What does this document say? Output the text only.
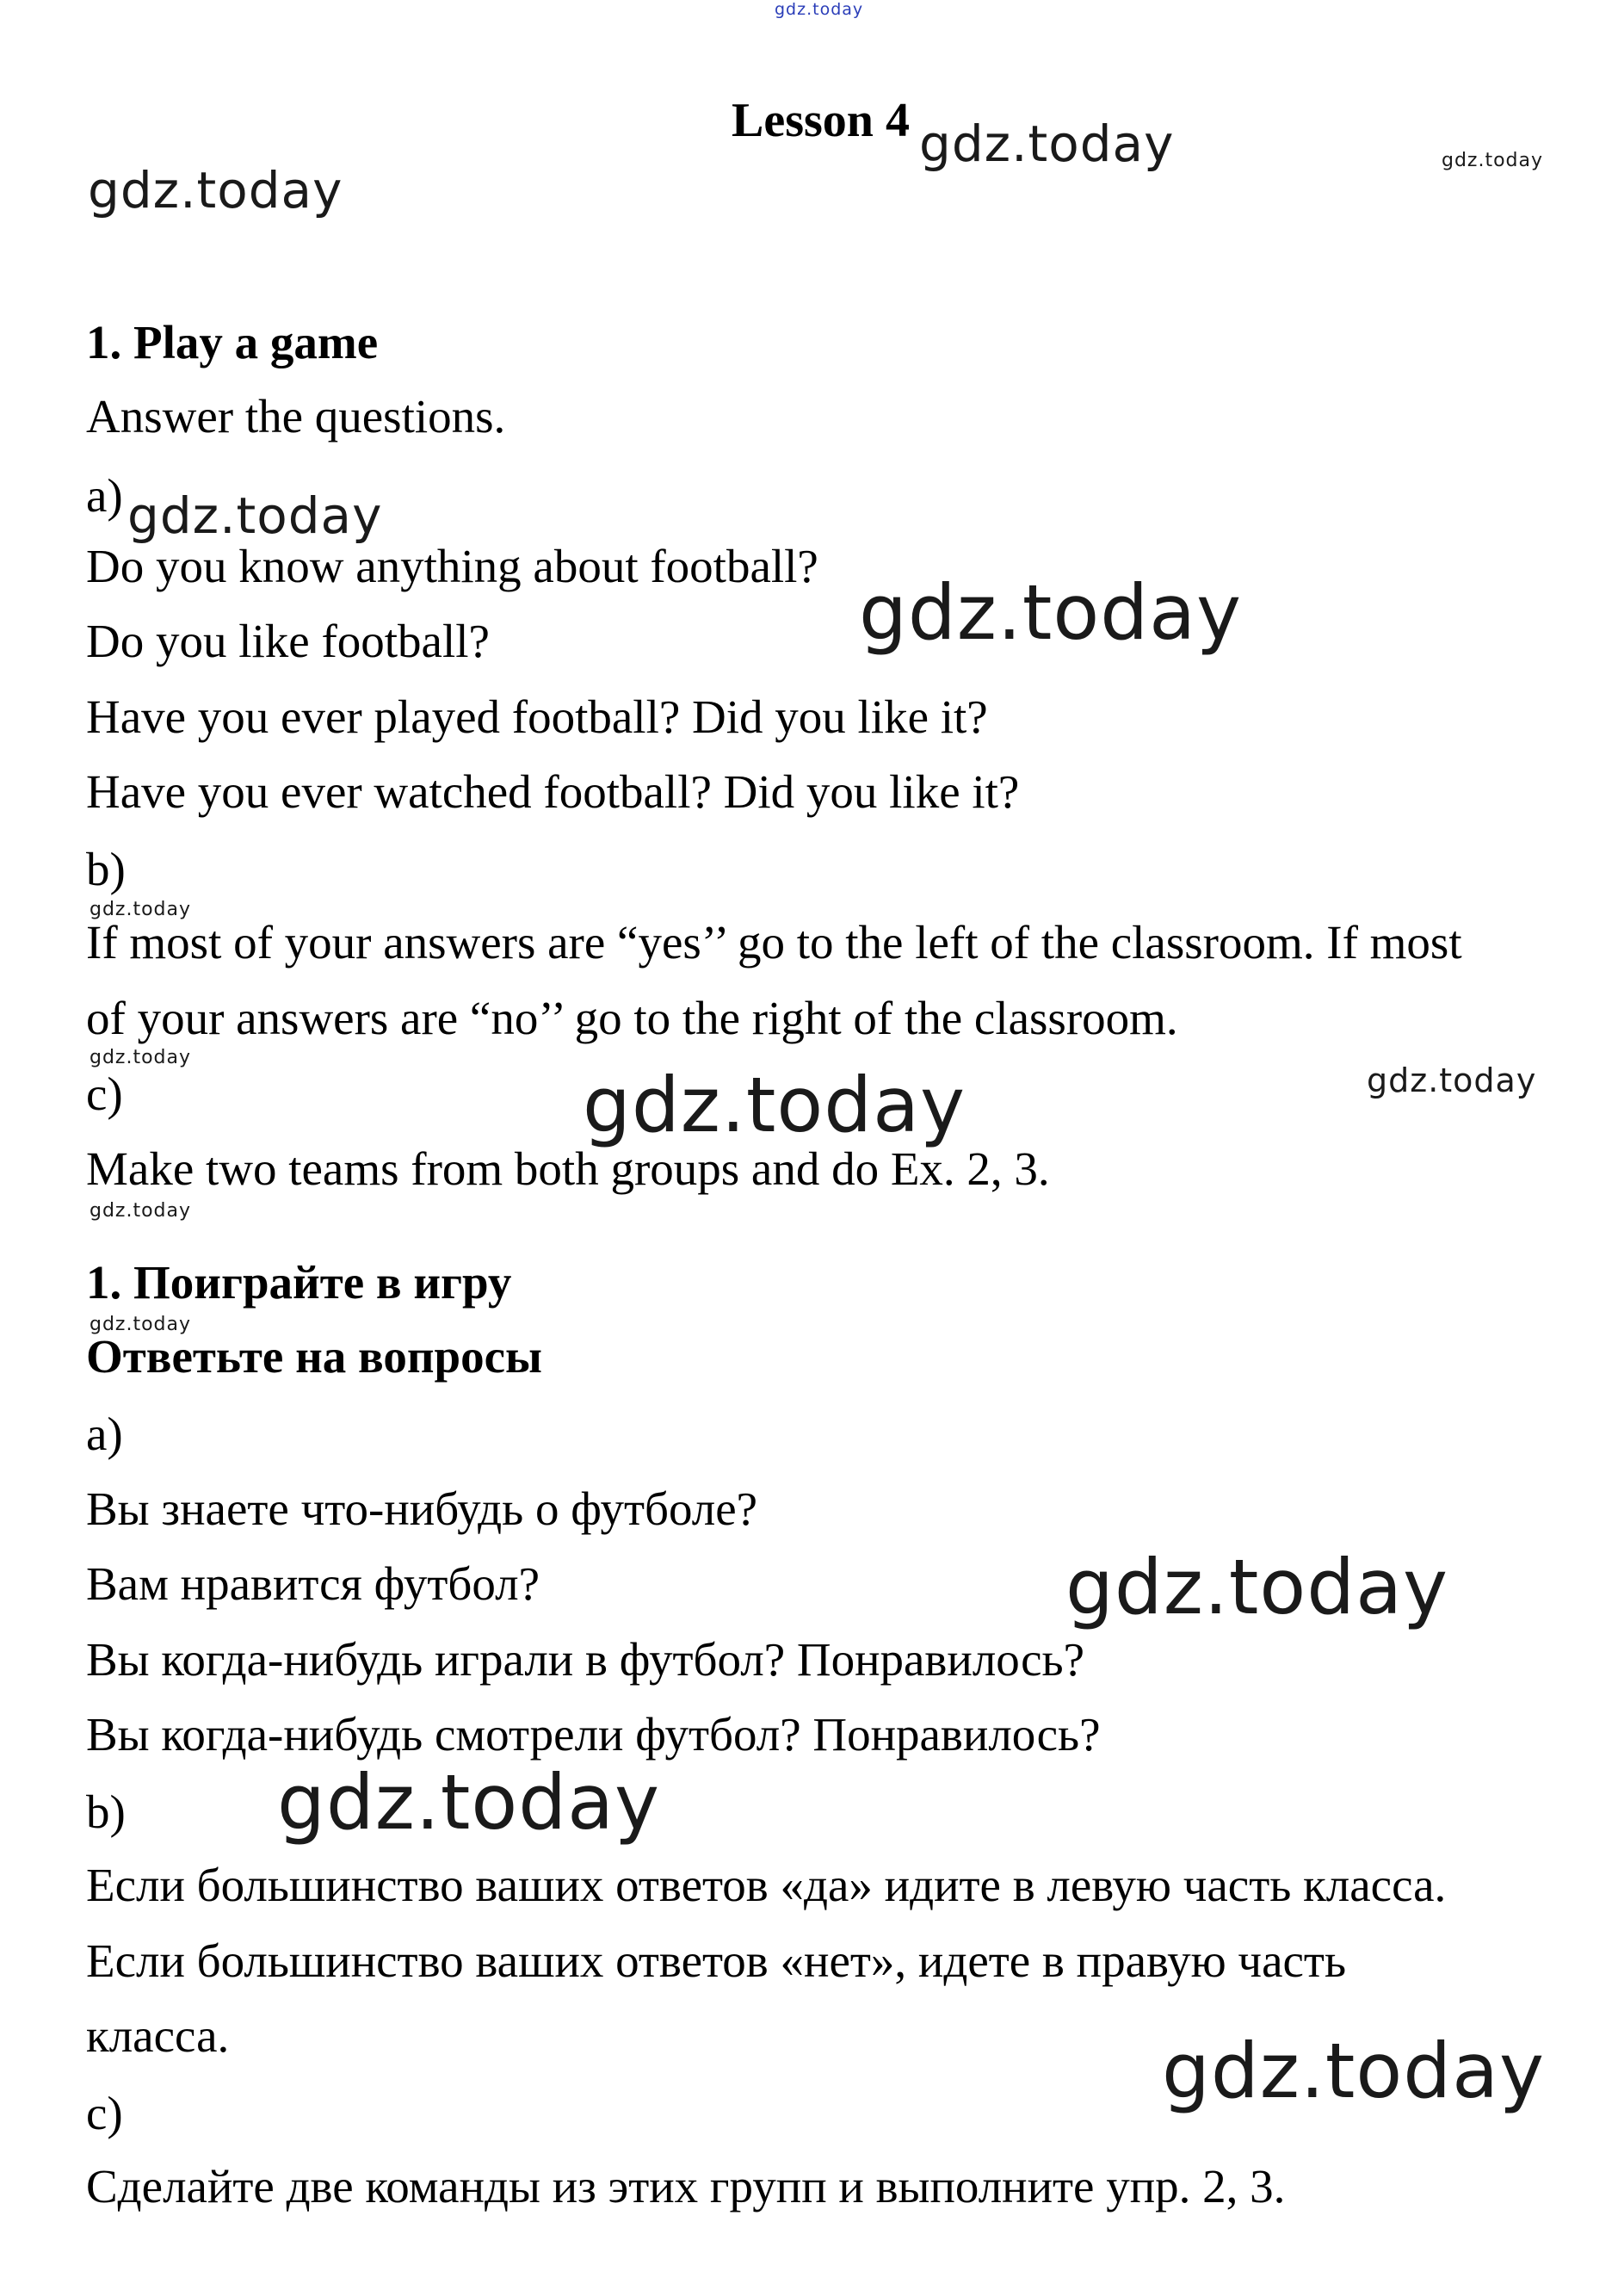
gdz.today
gdz.today	gdz.today
gdz.today
gdz.today
gdz.today
gdz.today
gdz.today
gdz.today	gdz.today
gdz.today
gdz.today
gdz.today
gdz.today
gdz.today
Lesson 4
1. Play a game
Answer the questions.
a)
Do you know anything about football?
Do you like football?
Have you ever played football? Did you like it?
Have you ever watched football? Did you like it?
b)
If most of your answers are “yes’’ go to the left of the classroom. If most
of your answers are “no’’ go to the right of the classroom.
c)
Make two teams from both groups and do Ex. 2, 3.
1. Поиграйте в игру
Ответьте на вопросы
a)
Вы знаете что-нибудь о футболе?
Вам нравится футбол?
Вы когда-нибудь играли в футбол? Понравилось?
Вы когда-нибудь смотрели футбол? Понравилось?
b)
Если большинство ваших ответов «да» идите в левую часть класса.
Если большинство ваших ответов «нет», идете в правую часть
класса.
c)
Сделайте две команды из этих групп и выполните упр. 2, 3.
